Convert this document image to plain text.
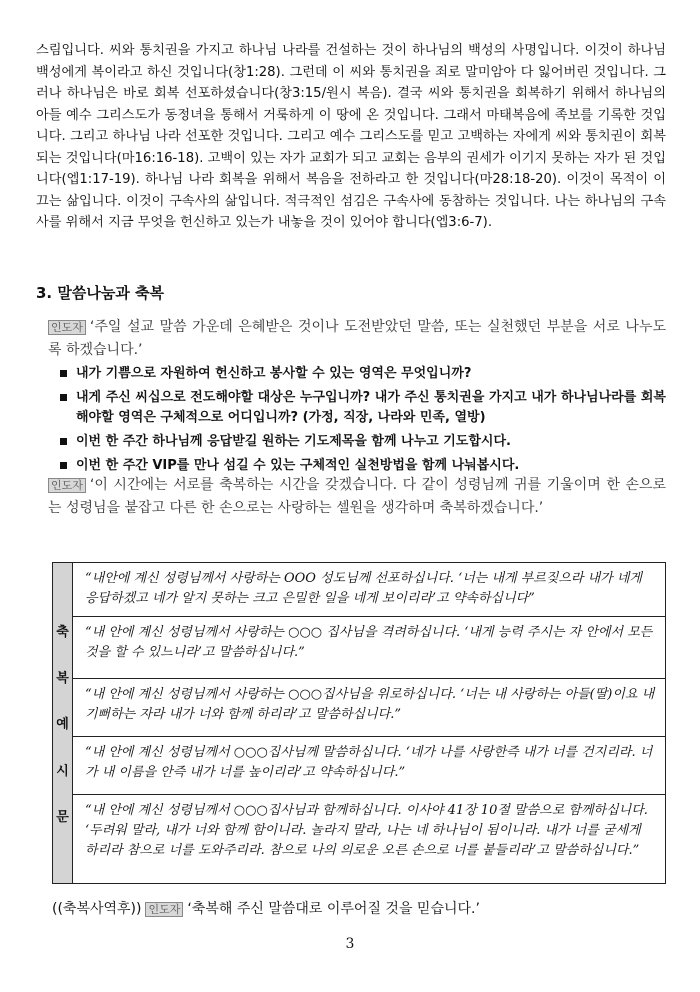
스림입니다. 씨와 통치권을 가지고 하나님 나라를 건설하는 것이 하나님의 백성의 사명입니다. 이것이 하나님 백성에게 복이라고 하신 것입니다(창1:28). 그런데 이 씨와 통치권을 죄로 말미암아 다 잃어버린 것입니다. 그러나 하나님은 바로 회복 선포하셨습니다(창3:15/원시 복음). 결국 씨와 통치권을 회복하기 위해서 하나님의 아들 예수 그리스도가 동정녀을 통해서 거룩하게 이 땅에 온 것입니다. 그래서 마태복음에 족보를 기록한 것입니다. 그리고 하나님 나라 선포한 것입니다. 그리고 예수 그리스도를 믿고 고백하는 자에게 씨와 통치권이 회복되는 것입니다(마16:16-18). 고백이 있는 자가 교회가 되고 교회는 음부의 권세가 이기지 못하는 자가 된 것입니다(엡1:17-19). 하나님 나라 회복을 위해서 복음을 전하라고 한 것입니다(마28:18-20). 이것이 목적이 이끄는 삶입니다. 이것이 구속사의 삶입니다. 적극적인 섬김은 구속사에 동참하는 것입니다. 나는 하나님의 구속사를 위해서 지금 무엇을 헌신하고 있는가 내놓을 것이 있어야 합니다(엡3:6-7).

3. 말씀나눔과 축복

인도자 ‘주일 설교 말씀 가운데 은혜받은 것이나 도전받았던 말씀, 또는 실천했던 부분을 서로 나누도록 하겠습니다.’

내가 기쁨으로 자원하여 헌신하고 봉사할 수 있는 영역은 무엇입니까?
내게 주신 씨십으로 전도해야할 대상은 누구입니까? 내가 주신 통치권을 가지고 내가 하나님나라를 회복해야할 영역은 구체적으로 어디입니까? (가정, 직장, 나라와 민족, 열방)
이번 한 주간 하나님께 응답받길 원하는 기도제목을 함께 나누고 기도합시다.
이번 한 주간 VIP를 만나 섬길 수 있는 구체적인 실천방법을 함께 나눠봅시다.

인도자 ‘이 시간에는 서로를 축복하는 시간을 갖겠습니다. 다 같이 성령님께 귀를 기울이며 한 손으로는 성령님을 붙잡고 다른 한 손으로는 사랑하는 셀원을 생각하며 축복하겠습니다.’

축
복
예
시
문
“내안에 계신 성령님께서 사랑하는 OOO 성도님께 선포하십니다. ‘너는 내게 부르짖으라 내가 네게 응답하겠고 네가 알지 못하는 크고 은밀한 일을 네게 보이리라’고 약속하십니다”
“내 안에 계신 성령님께서 사랑하는 ○○○ 집사님을 격려하십니다. ‘내게 능력 주시는 자 안에서 모든 것을 할 수 있느니라’고 말씀하십니다.”
“내 안에 계신 성령님께서 사랑하는 ○○○집사님을 위로하십니다. ‘너는 내 사랑하는 아들(딸)이요 내 기뻐하는 자라 내가 너와 함께 하리라’고 말씀하십니다.”
“내 안에 계신 성령님께서 ○○○집사님께 말씀하십니다. ‘네가 나를 사랑한즉 내가 너를 건지리라. 너가 내 이름을 안즉 내가 너를 높이리라’고 약속하십니다.”
“내 안에 계신 성령님께서 ○○○집사님과 함께하십니다. 이사야 41장 10절 말씀으로 함께하십니다. ‘두려워 말라, 내가 너와 함께 함이니라. 놀라지 말라, 나는 네 하나님이 됨이니라. 내가 너를 굳세게 하리라 참으로 너를 도와주리라. 참으로 나의 의로운 오른 손으로 너를 붙들리라’고 말씀하십니다.”

((축복사역후)) 인도자 ‘축복해 주신 말씀대로 이루어질 것을 믿습니다.’

3
